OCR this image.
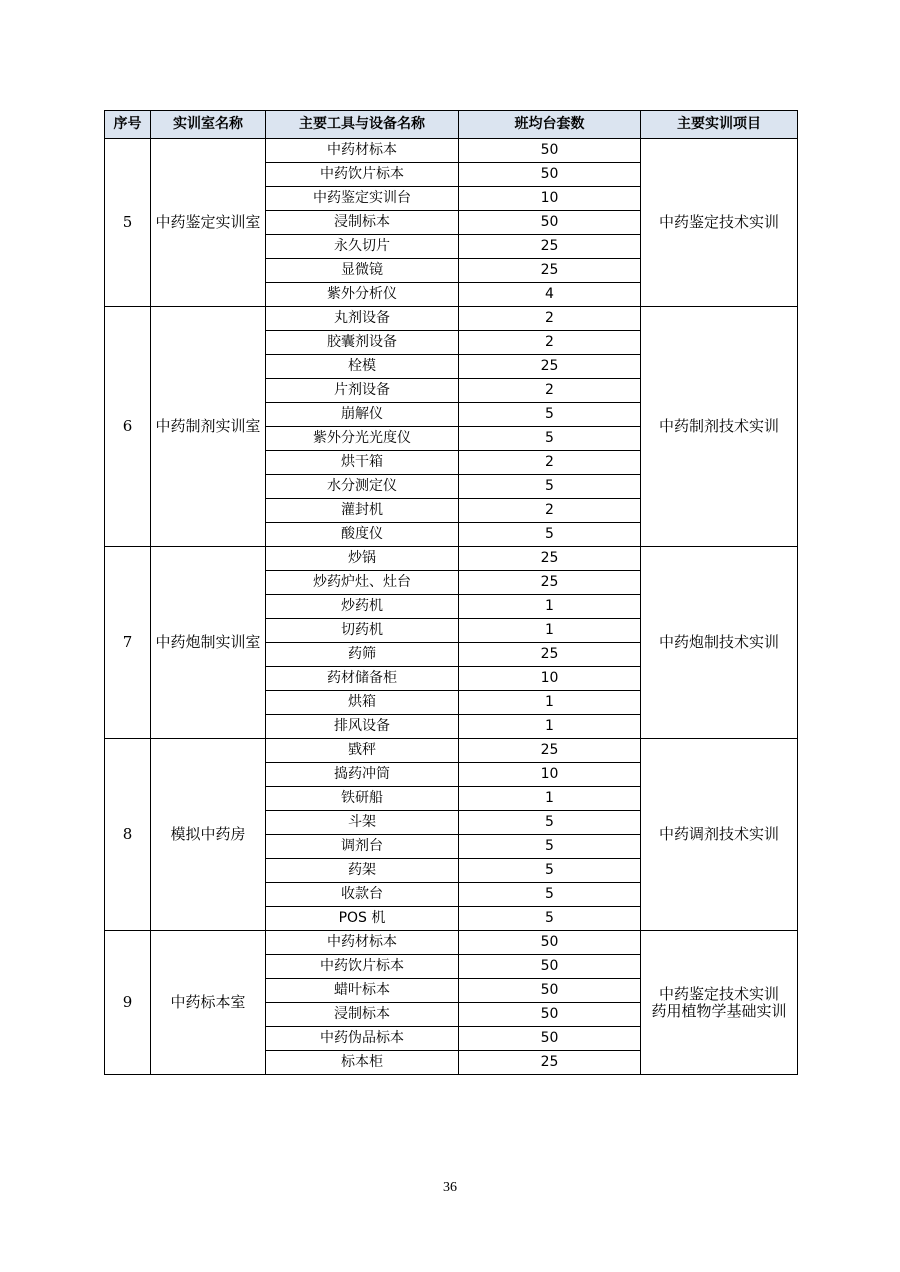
序号	实训室名称	主要工具与设备名称	班均台套数	主要实训项目
5	中药鉴定实训室	中药材标本	50	中药鉴定技术实训
		中药饮片标本	50	
		中药鉴定实训台	10	
		浸制标本	50	
		永久切片	25	
		显微镜	25	
		紫外分析仪	4	
6	中药制剂实训室	丸剂设备	2	中药制剂技术实训
		胶囊剂设备	2	
		栓模	25	
		片剂设备	2	
		崩解仪	5	
		紫外分光光度仪	5	
		烘干箱	2	
		水分测定仪	5	
		灌封机	2	
		酸度仪	5	
7	中药炮制实训室	炒锅	25	中药炮制技术实训
		炒药炉灶、灶台	25	
		炒药机	1	
		切药机	1	
		药筛	25	
		药材储备柜	10	
		烘箱	1	
		排风设备	1	
8	模拟中药房	戥秤	25	中药调剂技术实训
		捣药冲筒	10	
		铁研船	1	
		斗架	5	
		调剂台	5	
		药架	5	
		收款台	5	
		POS 机	5	
9	中药标本室	中药材标本	50	中药鉴定技术实训
药用植物学基础实训
		中药饮片标本	50	
		蜡叶标本	50	
		浸制标本	50	
		中药伪品标本	50	
		标本柜	25	
36
